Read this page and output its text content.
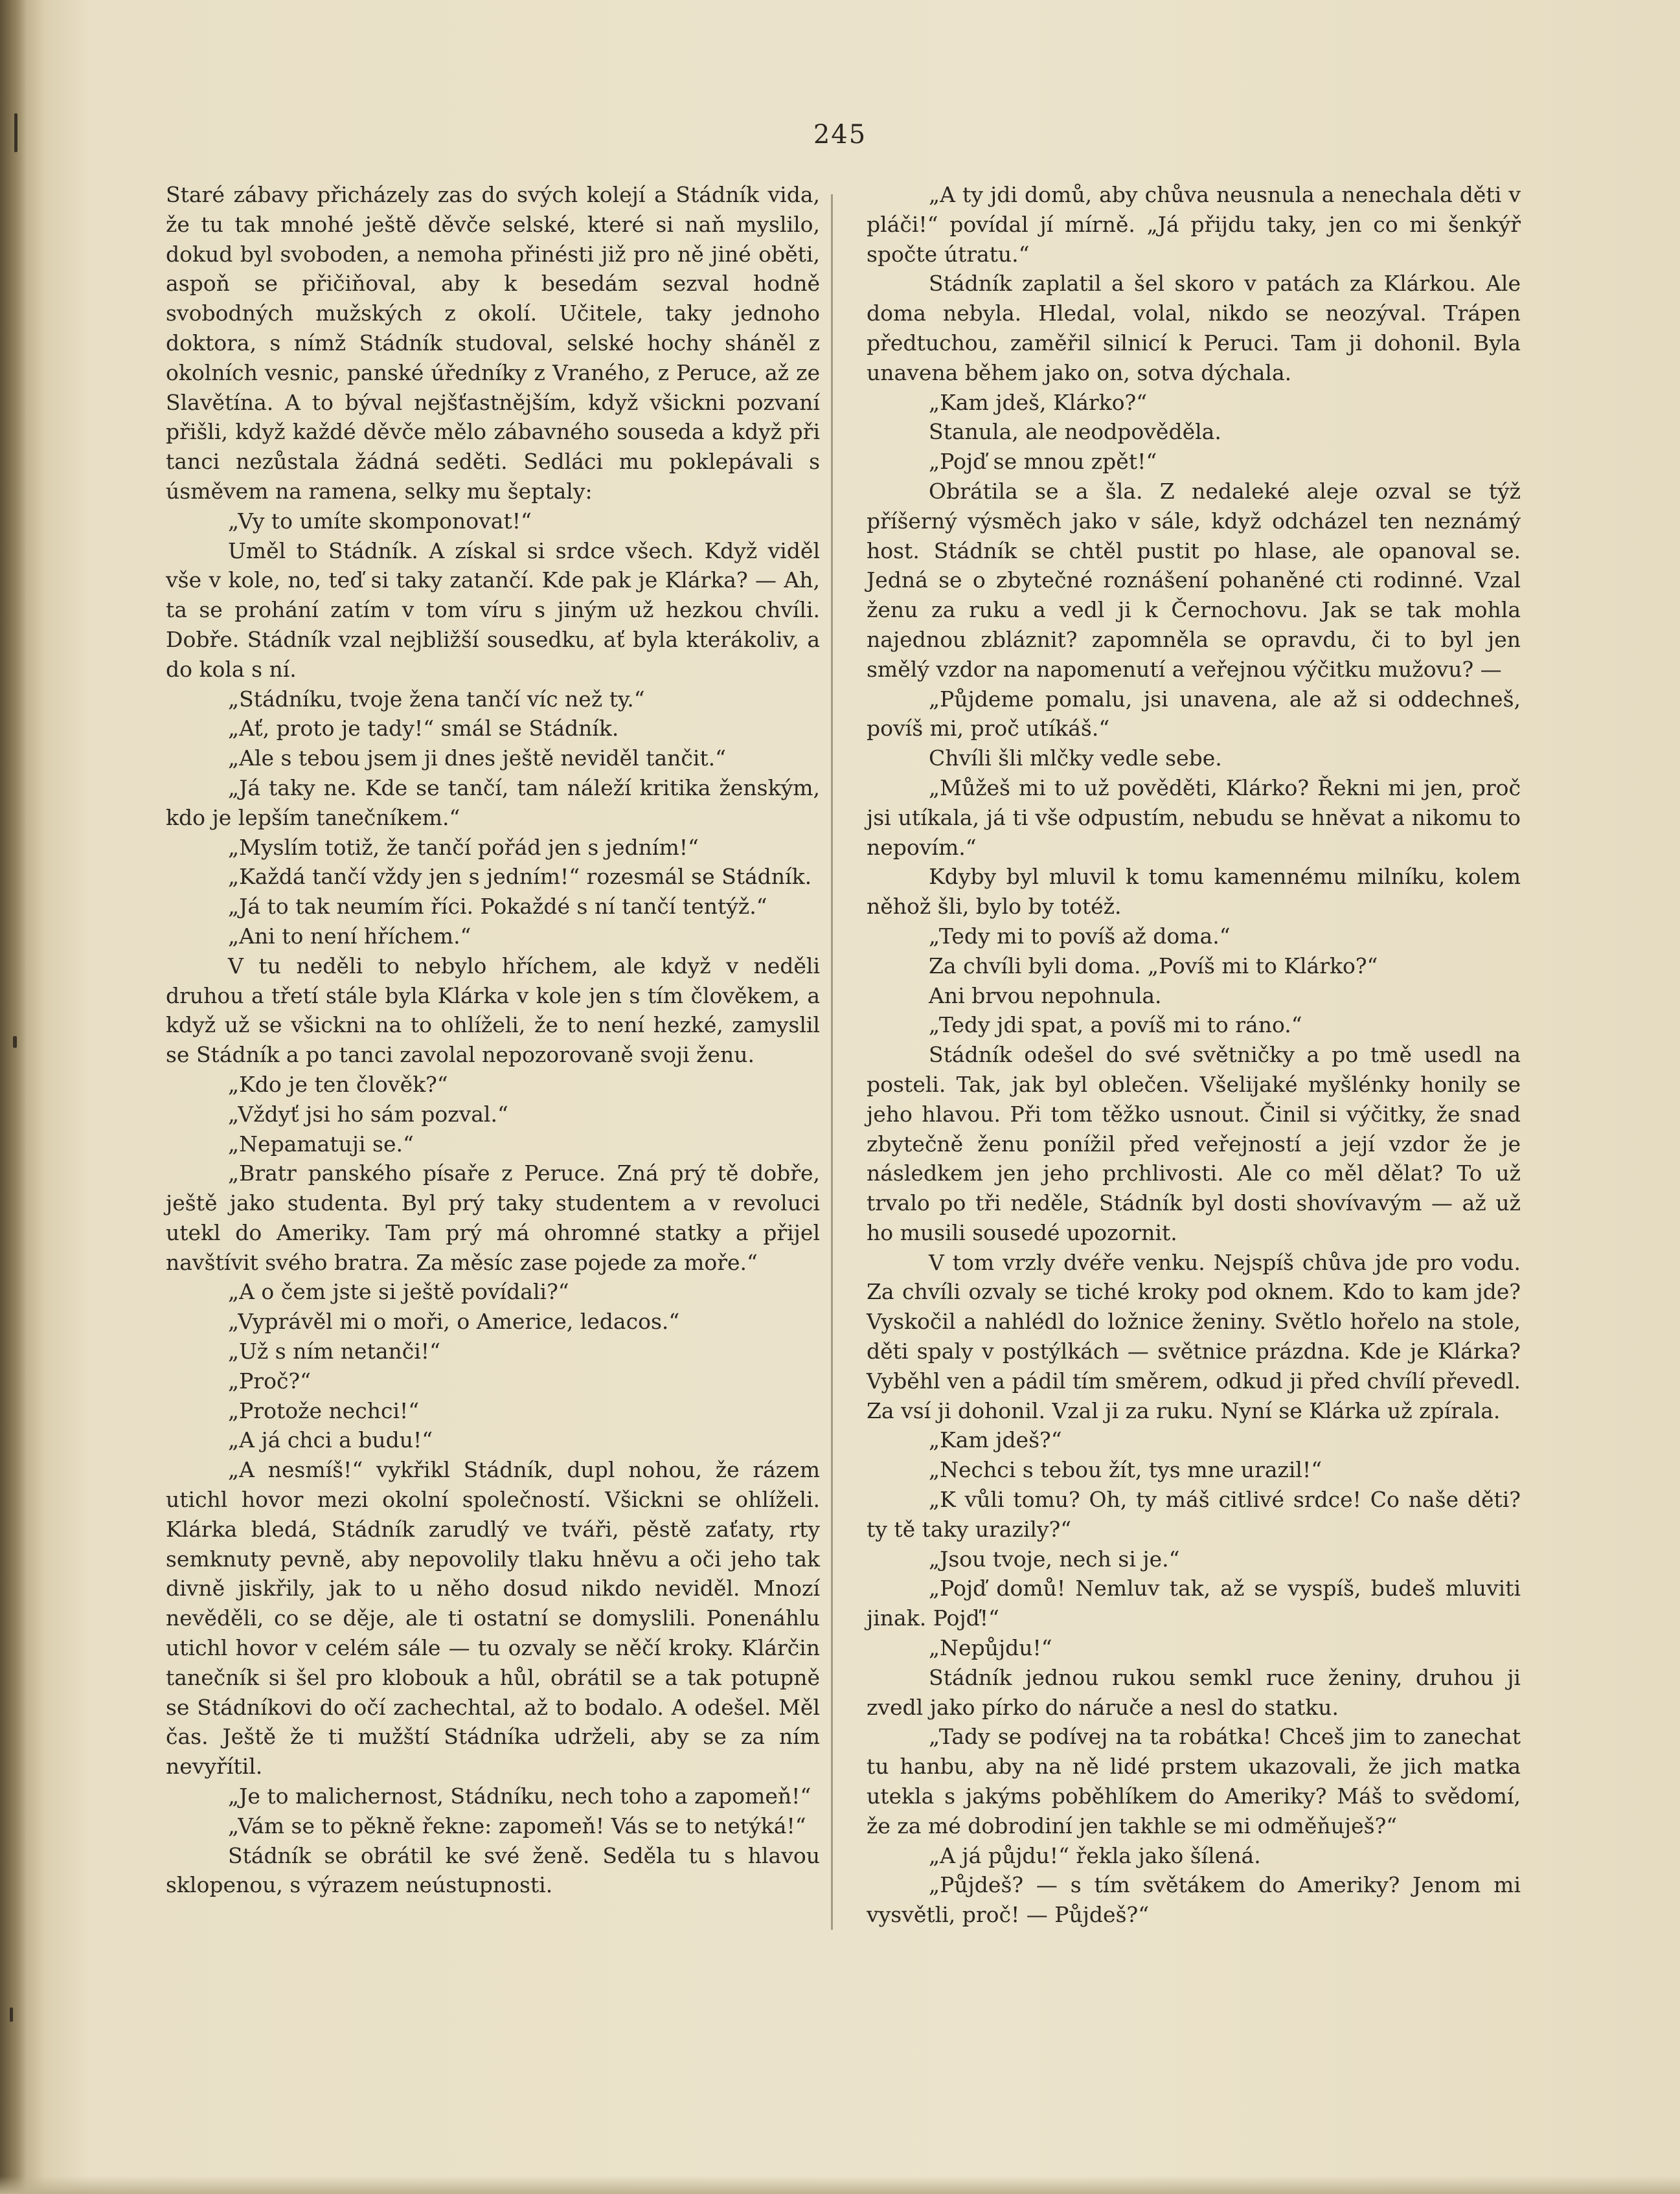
245

Staré zábavy přicházely zas do svých kolejí a Stádník vida, že tu tak mnohé ještě děvče selské, které si naň myslilo, dokud byl svoboden, a nemoha přinésti již pro ně jiné oběti, aspoň se přičiňoval, aby k besedám sezval hodně svobodných mužských z okolí. Učitele, taky jednoho doktora, s nímž Stádník studoval, selské hochy sháněl z okolních vesnic, panské úředníky z Vraného, z Peruce, až ze Slavětína. A to býval nejšťastnějším, když všickni pozvaní přišli, když každé děvče mělo zábavného souseda a když při tanci nezůstala žádná seděti. Sedláci mu poklepávali s úsměvem na ramena, selky mu šeptaly:

„Vy to umíte skomponovat!“

Uměl to Stádník. A získal si srdce všech. Když viděl vše v kole, no, teď si taky zatančí. Kde pak je Klárka? — Ah, ta se prohání zatím v tom víru s jiným už hezkou chvíli. Dobře. Stádník vzal nejbližší sousedku, ať byla kterákoliv, a do kola s ní.

„Stádníku, tvoje žena tančí víc než ty.“

„Ať, proto je tady!“ smál se Stádník.

„Ale s tebou jsem ji dnes ještě neviděl tančit.“

„Já taky ne. Kde se tančí, tam náleží kritika ženským, kdo je lepším tanečníkem.“

„Myslím totiž, že tančí pořád jen s jedním!“

„Každá tančí vždy jen s jedním!“ rozesmál se Stádník.

„Já to tak neumím říci. Pokaždé s ní tančí tentýž.“

„Ani to není hříchem.“

V tu neděli to nebylo hříchem, ale když v neděli druhou a třetí stále byla Klárka v kole jen s tím člověkem, a když už se všickni na to ohlíželi, že to není hezké, zamyslil se Stádník a po tanci zavolal nepozorovaně svoji ženu.

„Kdo je ten člověk?“

„Vždyť jsi ho sám pozval.“

„Nepamatuji se.“

„Bratr panského písaře z Peruce. Zná prý tě dobře, ještě jako studenta. Byl prý taky studentem a v revoluci utekl do Ameriky. Tam prý má ohromné statky a přijel navštívit svého bratra. Za měsíc zase pojede za moře.“

„A o čem jste si ještě povídali?“

„Vyprávěl mi o moři, o Americe, ledacos.“

„Už s ním netanči!“

„Proč?“

„Protože nechci!“

„A já chci a budu!“

„A nesmíš!“ vykřikl Stádník, dupl nohou, že rázem utichl hovor mezi okolní společností. Všickni se ohlíželi. Klárka bledá, Stádník zarudlý ve tváři, pěstě zaťaty, rty semknuty pevně, aby nepovolily tlaku hněvu a oči jeho tak divně jiskřily, jak to u něho dosud nikdo neviděl. Mnozí nevěděli, co se děje, ale ti ostatní se domyslili. Ponenáhlu utichl hovor v celém sále — tu ozvaly se něčí kroky. Klárčin tanečník si šel pro klobouk a hůl, obrátil se a tak potupně se Stádníkovi do očí zachechtal, až to bodalo. A odešel. Měl čas. Ještě že ti mužští Stádníka udrželi, aby se za ním nevyřítil.

„Je to malichernost, Stádníku, nech toho a zapomeň!“

„Vám se to pěkně řekne: zapomeň! Vás se to netýká!“

Stádník se obrátil ke své ženě. Seděla tu s hlavou sklopenou, s výrazem neústupnosti.

„A ty jdi domů, aby chůva neusnula a nenechala děti v pláči!“ povídal jí mírně. „Já přijdu taky, jen co mi šenkýř spočte útratu.“

Stádník zaplatil a šel skoro v patách za Klárkou. Ale doma nebyla. Hledal, volal, nikdo se neozýval. Trápen předtuchou, zaměřil silnicí k Peruci. Tam ji dohonil. Byla unavena během jako on, sotva dýchala.

„Kam jdeš, Klárko?“

Stanula, ale neodpověděla.

„Pojď se mnou zpět!“

Obrátila se a šla. Z nedaleké aleje ozval se týž příšerný výsměch jako v sále, když odcházel ten neznámý host. Stádník se chtěl pustit po hlase, ale opanoval se. Jedná se o zbytečné roznášení pohaněné cti rodinné. Vzal ženu za ruku a vedl ji k Černochovu. Jak se tak mohla najednou zbláznit? zapomněla se opravdu, či to byl jen smělý vzdor na napomenutí a veřejnou výčitku mužovu? —

„Půjdeme pomalu, jsi unavena, ale až si oddechneš, povíš mi, proč utíkáš.“

Chvíli šli mlčky vedle sebe.

„Můžeš mi to už pověděti, Klárko? Řekni mi jen, proč jsi utíkala, já ti vše odpustím, nebudu se hněvat a nikomu to nepovím.“

Kdyby byl mluvil k tomu kamennému milníku, kolem něhož šli, bylo by totéž.

„Tedy mi to povíš až doma.“

Za chvíli byli doma. „Povíš mi to Klárko?“

Ani brvou nepohnula.

„Tedy jdi spat, a povíš mi to ráno.“

Stádník odešel do své světničky a po tmě usedl na posteli. Tak, jak byl oblečen. Všelijaké myšlénky honily se jeho hlavou. Při tom těžko usnout. Činil si výčitky, že snad zbytečně ženu ponížil před veřejností a její vzdor že je následkem jen jeho prchlivosti. Ale co měl dělat? To už trvalo po tři neděle, Stádník byl dosti shovívavým — až už ho musili sousedé upozornit.

V tom vrzly dvéře venku. Nejspíš chůva jde pro vodu. Za chvíli ozvaly se tiché kroky pod oknem. Kdo to kam jde? Vyskočil a nahlédl do ložnice ženiny. Světlo hořelo na stole, děti spaly v postýlkách — světnice prázdna. Kde je Klárka? Vyběhl ven a pádil tím směrem, odkud ji před chvílí převedl. Za vsí ji dohonil. Vzal ji za ruku. Nyní se Klárka už zpírala.

„Kam jdeš?“

„Nechci s tebou žít, tys mne urazil!“

„K vůli tomu? Oh, ty máš citlivé srdce! Co naše děti? ty tě taky urazily?“

„Jsou tvoje, nech si je.“

„Pojď domů! Nemluv tak, až se vyspíš, budeš mluviti jinak. Pojď!“

„Nepůjdu!“

Stádník jednou rukou semkl ruce ženiny, druhou ji zvedl jako pírko do náruče a nesl do statku.

„Tady se podívej na ta robátka! Chceš jim to zanechat tu hanbu, aby na ně lidé prstem ukazovali, že jich matka utekla s jakýms poběhlíkem do Ameriky? Máš to svědomí, že za mé dobrodiní jen takhle se mi odměňuješ?“

„A já půjdu!“ řekla jako šílená.

„Půjdeš? — s tím světákem do Ameriky? Jenom mi vysvětli, proč! — Půjdeš?“
